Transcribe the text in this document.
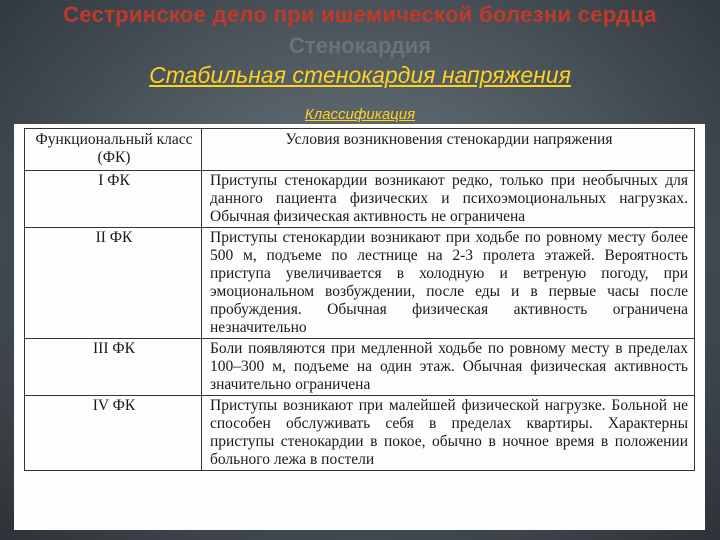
Сестринское дело при ишемической болезни сердца
Стенокардия
Стабильная стенокардия напряжения
Классификация
Функциональный класс (ФК)	Условия возникновения стенокардии напряжения
I ФК	Приступы стенокардии возникают редко, только при необычных для данного пациента физических и психоэмоциональных нагрузках. Обычная физическая активность не ограничена
II ФК	Приступы стенокардии возникают при ходьбе по ровному месту более 500 м, подъеме по лестнице на 2-3 пролета этажей. Вероятность приступа увеличивается в холодную и ветреную погоду, при эмоциональном возбуждении, после еды и в первые часы после пробуждения. Обычная физическая активность ограничена незначительно
III ФК	Боли появляются при медленной ходьбе по ровному месту в пределах 100–300 м, подъеме на один этаж. Обычная физическая активность значительно ограничена
IV ФК	Приступы возникают при малейшей физической нагрузке. Больной не способен обслуживать себя в пределах квартиры. Характерны приступы стенокардии в покое, обычно в ночное время в положении больного лежа в постели
